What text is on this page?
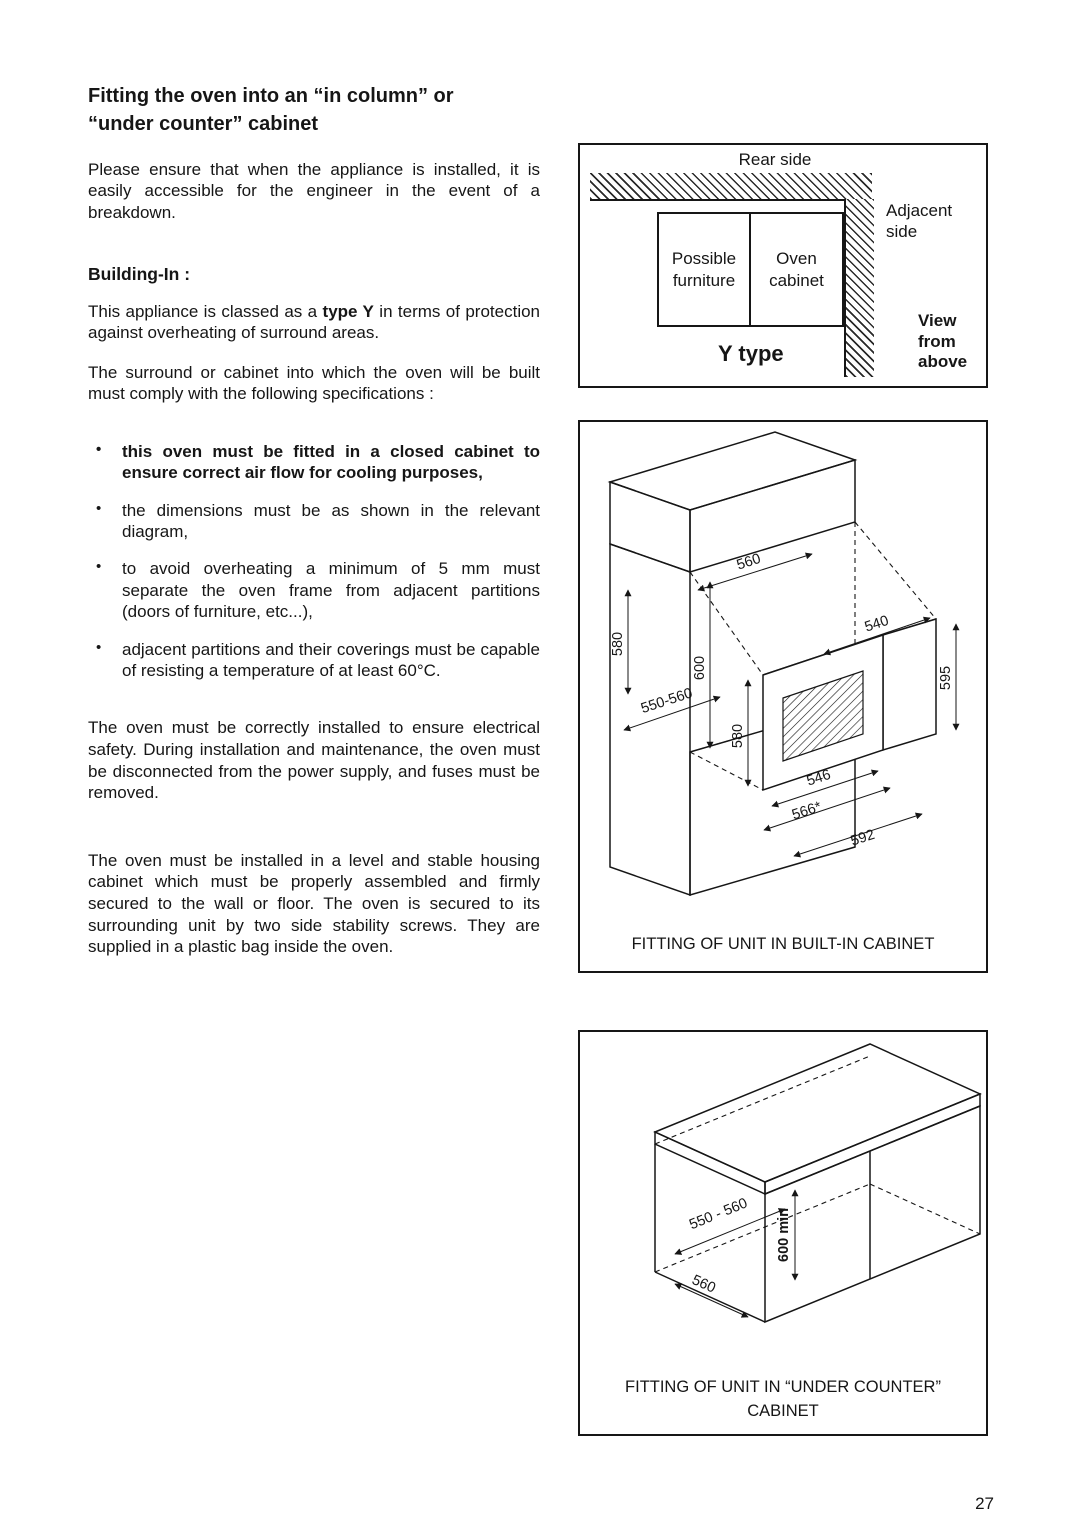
Fitting the oven into an “in column” or
“under counter” cabinet

Please ensure that when the appliance is installed, it is easily accessible for the engineer in the event of a breakdown.

Building-In :

This appliance is classed as a type Y in terms of protection against overheating of surround areas.

The surround or cabinet into which the oven will be built must comply with the following specifications :

• this oven must be fitted in a closed cabinet to ensure correct air flow for cooling purposes,
• the dimensions must be as shown in the relevant diagram,
• to avoid overheating a minimum of 5 mm must separate the oven frame from adjacent partitions (doors of furniture, etc...),
• adjacent partitions and their coverings must be capable of resisting a temperature of at least 60°C.

The oven must be correctly installed to ensure electrical safety. During installation and maintenance, the oven must be disconnected from the power supply, and fuses must be removed.

The oven must be installed in a level and stable housing cabinet which must be properly assembled and firmly secured to the wall or floor. The oven is secured to its surrounding unit by two side stability screws. They are supplied in a plastic bag inside the oven.

Rear side
Possible
furniture
Oven
cabinet
Adjacent
side
View
from
above
Y type
560
580
540
550-560
600
580
595
546
566*
592
FITTING OF UNIT IN BUILT-IN CABINET
550 - 560
560
600 min
FITTING OF UNIT IN “UNDER COUNTER”
CABINET
27
